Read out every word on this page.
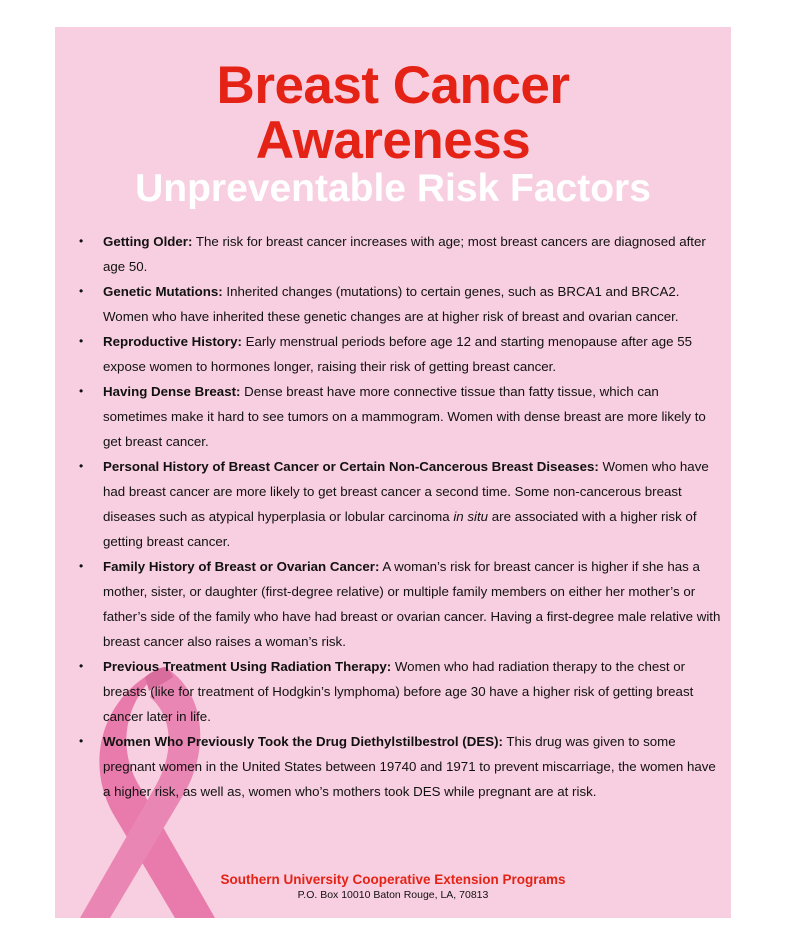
Breast Cancer
Awareness
Unpreventable Risk Factors
• Getting Older: The risk for breast cancer increases with age; most breast cancers are diagnosed after age 50.
• Genetic Mutations: Inherited changes (mutations) to certain genes, such as BRCA1 and BRCA2. Women who have inherited these genetic changes are at higher risk of breast and ovarian cancer.
• Reproductive History: Early menstrual periods before age 12 and starting menopause after age 55 expose women to hormones longer, raising their risk of getting breast cancer.
• Having Dense Breast: Dense breast have more connective tissue than fatty tissue, which can sometimes make it hard to see tumors on a mammogram. Women with dense breast are more likely to get breast cancer.
• Personal History of Breast Cancer or Certain Non-Cancerous Breast Diseases: Women who have had breast cancer are more likely to get breast cancer a second time. Some non-cancerous breast diseases such as atypical hyperplasia or lobular carcinoma in situ are associated with a higher risk of getting breast cancer.
• Family History of Breast or Ovarian Cancer: A woman’s risk for breast cancer is higher if she has a mother, sister, or daughter (first-degree relative) or multiple family members on either her mother’s or father’s side of the family who have had breast or ovarian cancer. Having a first-degree male relative with breast cancer also raises a woman’s risk.
• Previous Treatment Using Radiation Therapy: Women who had radiation therapy to the chest or breasts (like for treatment of Hodgkin’s lymphoma) before age 30 have a higher risk of getting breast cancer later in life.
• Women Who Previously Took the Drug Diethylstilbestrol (DES): This drug was given to some pregnant women in the United States between 19740 and 1971 to prevent miscarriage, the women have a higher risk, as well as, women who’s mothers took DES while pregnant are at risk.
Southern University Cooperative Extension Programs
P.O. Box 10010 Baton Rouge, LA, 70813
